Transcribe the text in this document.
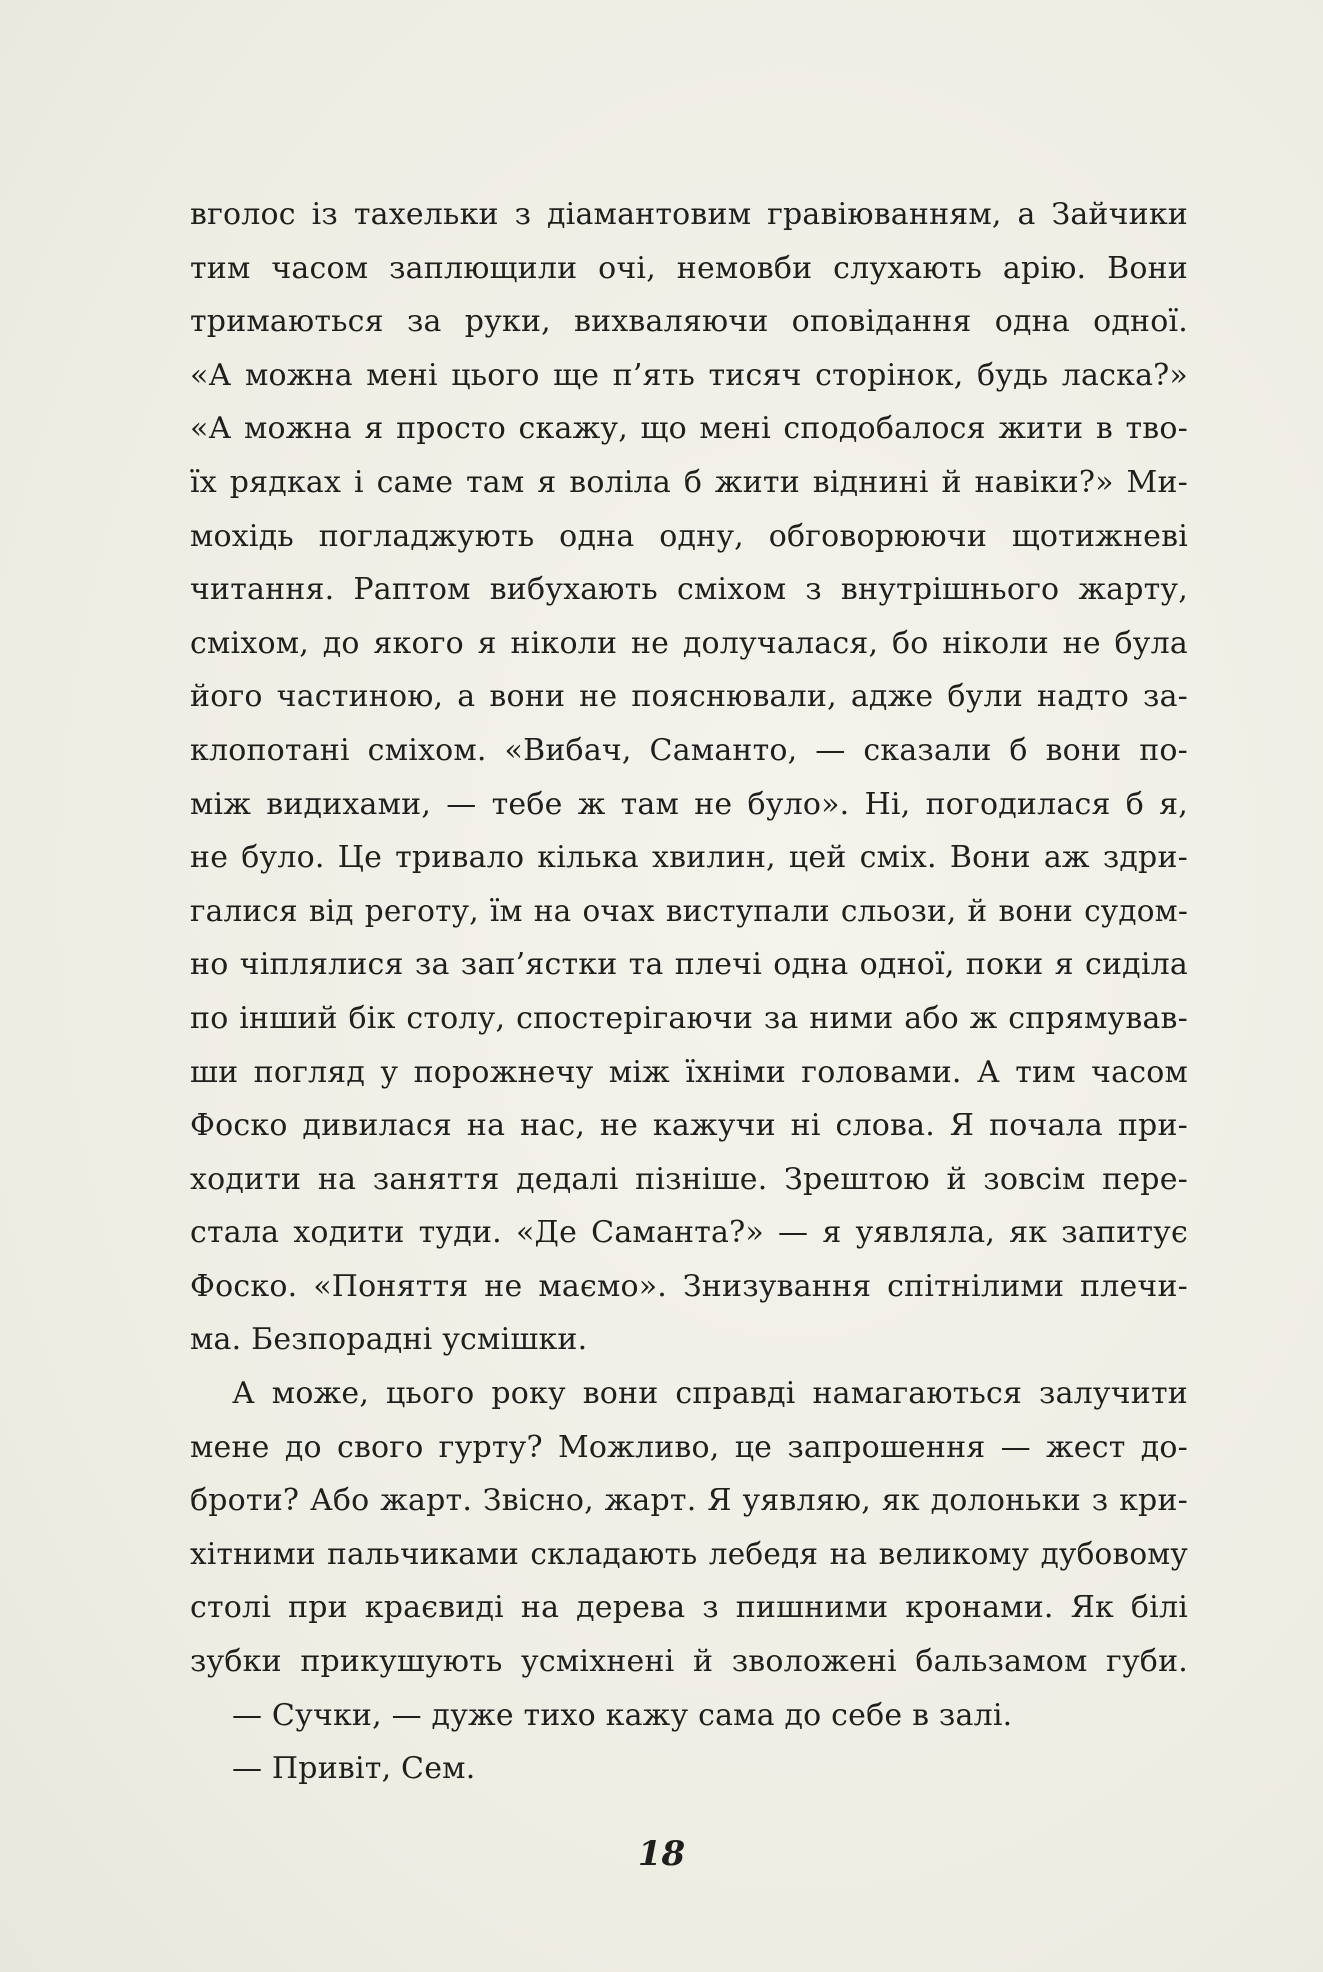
вголос із тахельки з діамантовим гравіюванням, а Зайчики
тим часом заплющили очі, немовби слухають арію. Вони
тримаються за руки, вихваляючи оповідання одна одної.
«А можна мені цього ще п’ять тисяч сторінок, будь ласка?»
«А можна я просто скажу, що мені сподобалося жити в тво-
їх рядках і саме там я воліла б жити віднині й навіки?» Ми-
мохідь погладжують одна одну, обговорюючи щотижневі
читання. Раптом вибухають сміхом з внутрішнього жарту,
сміхом, до якого я ніколи не долучалася, бо ніколи не була
його частиною, а вони не пояснювали, адже були надто за-
клопотані сміхом. «Вибач, Саманто, — сказали б вони по-
між видихами, — тебе ж там не було». Ні, погодилася б я,
не було. Це тривало кілька хвилин, цей сміх. Вони аж здри-
галися від реготу, їм на очах виступали сльози, й вони судом-
но чіплялися за зап’ястки та плечі одна одної, поки я сиділа
по інший бік столу, спостерігаючи за ними або ж спрямував-
ши погляд у порожнечу між їхніми головами. А тим часом
Фоско дивилася на нас, не кажучи ні слова. Я почала при-
ходити на заняття дедалі пізніше. Зрештою й зовсім пере-
стала ходити туди. «Де Саманта?» — я уявляла, як запитує
Фоско. «Поняття не маємо». Знизування спітнілими плечи-
ма. Безпорадні усмішки.
А може, цього року вони справді намагаються залучити
мене до свого гурту? Можливо, це запрошення — жест до-
броти? Або жарт. Звісно, жарт. Я уявляю, як долоньки з кри-
хітними пальчиками складають лебедя на великому дубовому
столі при краєвиді на дерева з пишними кронами. Як білі
зубки прикушують усміхнені й зволожені бальзамом губи.
— Сучки, — дуже тихо кажу сама до себе в залі.
— Привіт, Сем.
18
